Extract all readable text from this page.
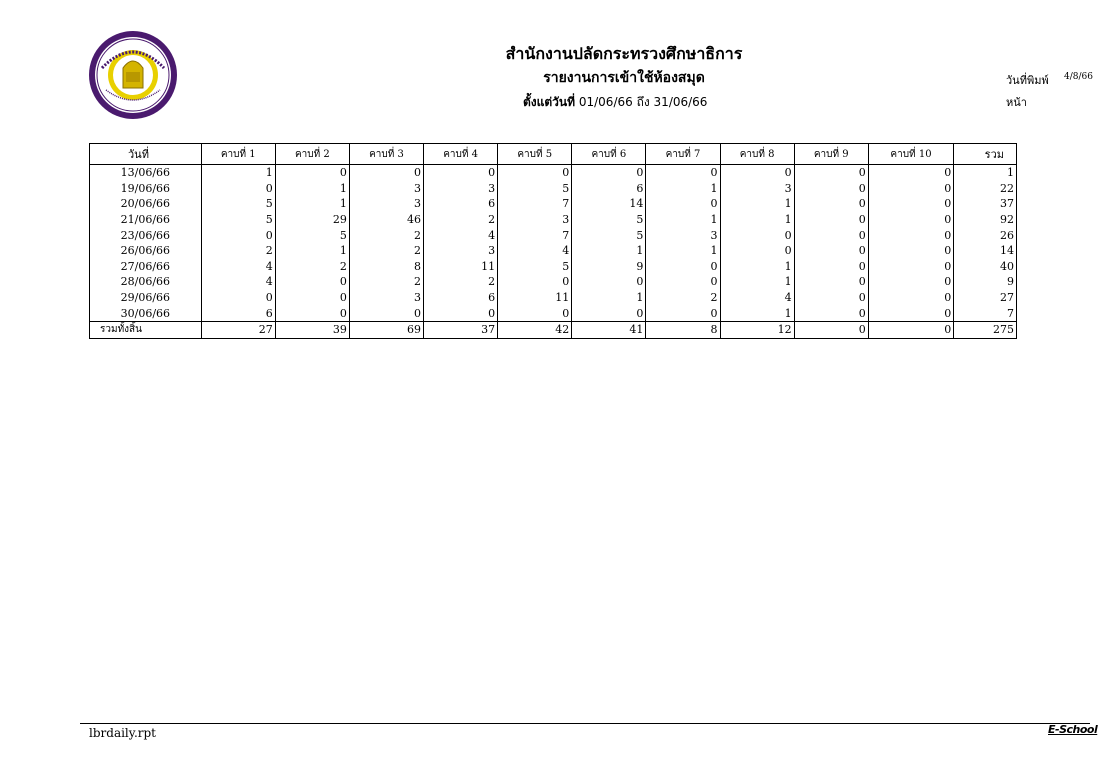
สำนักงานปลัดกระทรวงศึกษาธิการ
รายงานการเข้าใช้ห้องสมุด
ตั้งแต่วันที่ 01/06/66 ถึง 31/06/66
วันที่พิมพ์ 4/8/66
หน้า
วันที่	คาบที่ 1	คาบที่ 2	คาบที่ 3	คาบที่ 4	คาบที่ 5	คาบที่ 6	คาบที่ 7	คาบที่ 8	คาบที่ 9	คาบที่ 10	รวม
13/06/66	1	0	0	0	0	0	0	0	0	0	1
19/06/66	0	1	3	3	5	6	1	3	0	0	22
20/06/66	5	1	3	6	7	14	0	1	0	0	37
21/06/66	5	29	46	2	3	5	1	1	0	0	92
23/06/66	0	5	2	4	7	5	3	0	0	0	26
26/06/66	2	1	2	3	4	1	1	0	0	0	14
27/06/66	4	2	8	11	5	9	0	1	0	0	40
28/06/66	4	0	2	2	0	0	0	1	0	0	9
29/06/66	0	0	3	6	11	1	2	4	0	0	27
30/06/66	6	0	0	0	0	0	0	1	0	0	7
รวมทั้งสิ้น	27	39	69	37	42	41	8	12	0	0	275
lbrdaily.rpt	E-School
